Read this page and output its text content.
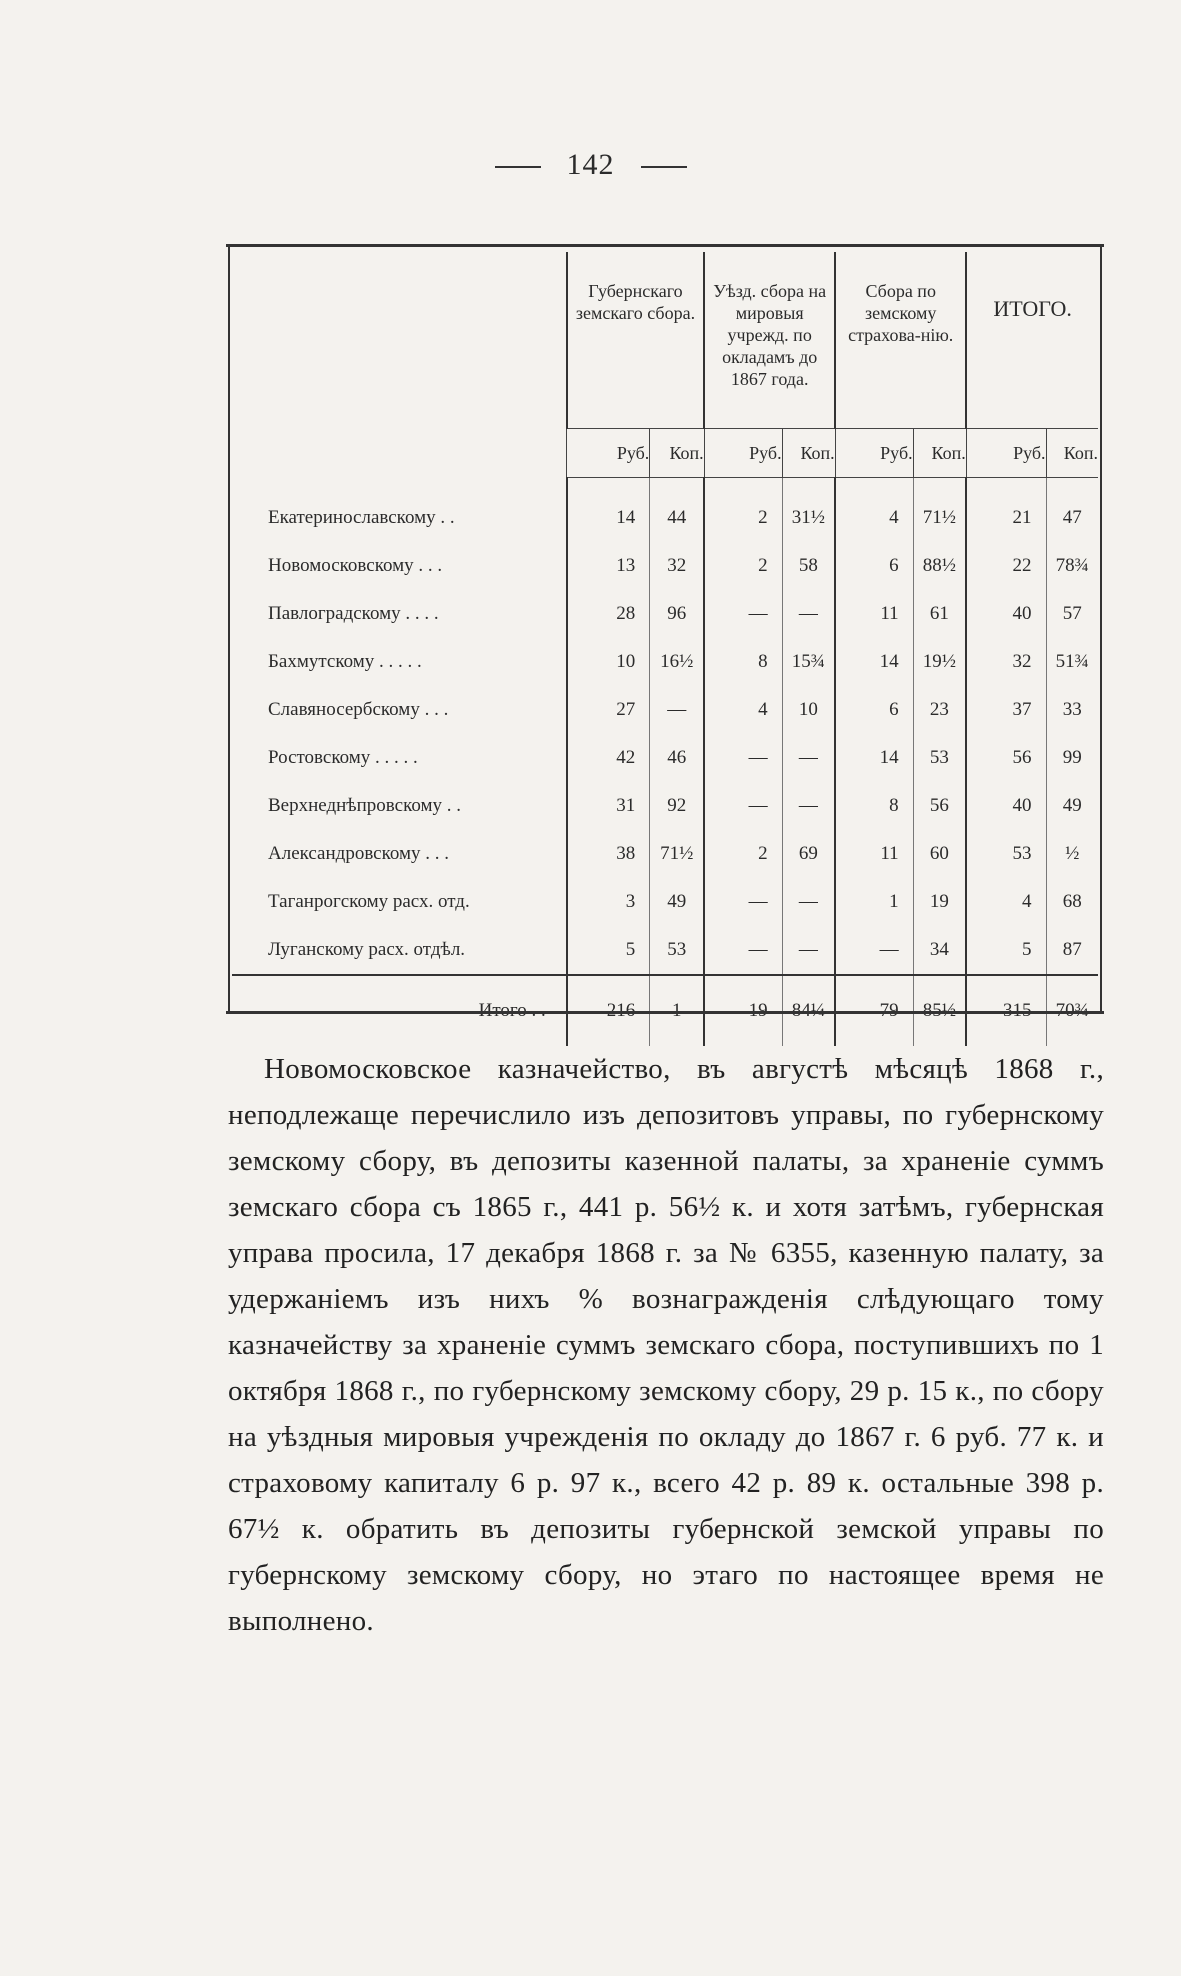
142
	Губернскаго земскаго сбора.		Уѣзд. сбора на мировыя учрежд. по окладамъ до 1867 года.		Сбора по земскому страхова-нію.		ИТОГО.	
	Руб.	Коп.	Руб.	Коп.	Руб.	Коп.	Руб.	Коп.

Екатеринославскому . .	14	44	2	31½	4	71½	21	47
Новомосковскому . . .	13	32	2	58	6	88½	22	78¾
Павлоградскому . . . .	28	96	—	—	11	61	40	57
Бахмутскому . . . . .	10	16½	8	15¾	14	19½	32	51¾
Славяносербскому . . .	27	—	4	10	6	23	37	33
Ростовскому . . . . .	42	46	—	—	14	53	56	99
Верхнеднѣпровскому . .	31	92	—	—	8	56	40	49
Александровскому . . .	38	71½	2	69	11	60	53	½
Таганрогскому расх. отд.	3	49	—	—	1	19	4	68
Луганскому расх. отдѣл.	5	53	—	—	—	34	5	87
Итого . .	216	1	19	84¼	79	85½	315	70¾

Новомосковское казначейство, въ августѣ мѣсяцѣ 1868 г., неподлежаще перечислило изъ депозитовъ управы, по губернскому земскому сбору, въ депозиты казенной палаты, за храненіе суммъ земскаго сбора съ 1865 г., 441 р. 56½ к. и хотя затѣмъ, губернская управа просила, 17 декабря 1868 г. за № 6355, казенную палату, за удержаніемъ изъ нихъ % вознагражденія слѣдующаго тому казначейству за храненіе суммъ земскаго сбора, поступившихъ по 1 октября 1868 г., по губернскому земскому сбору, 29 р. 15 к., по сбору на уѣздныя мировыя учрежденія по окладу до 1867 г. 6 руб. 77 к. и страховому капиталу 6 р. 97 к., всего 42 р. 89 к. остальные 398 р. 67½ к. обратить въ депозиты губернской земской управы по губернскому земскому сбору, но этаго по настоящее время не выполнено.
